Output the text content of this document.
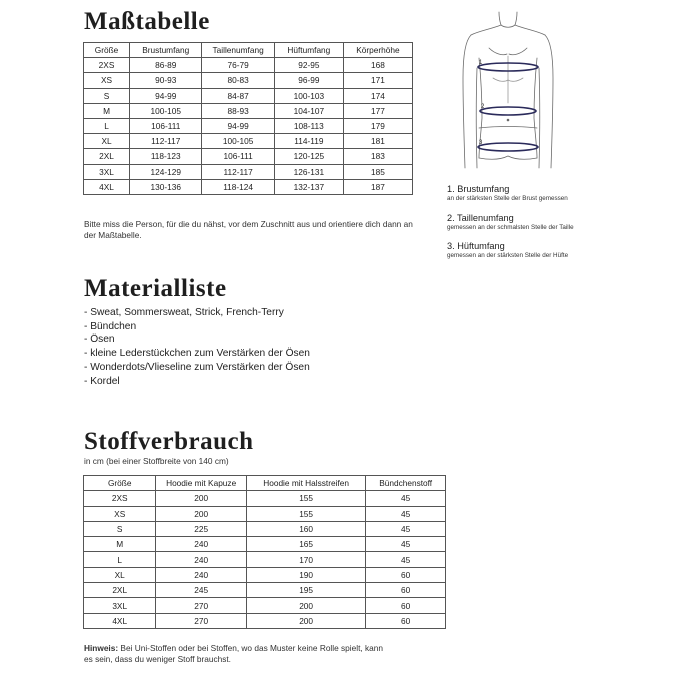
Maßtabelle
Größe	Brustumfang	Taillenumfang	Hüftumfang	Körperhöhe
2XS	86-89	76-79	92-95	168
XS	90-93	80-83	96-99	171
S	94-99	84-87	100-103	174
M	100-105	88-93	104-107	177
L	106-111	94-99	108-113	179
XL	112-117	100-105	114-119	181
2XL	118-123	106-111	120-125	183
3XL	124-129	112-117	126-131	185
4XL	130-136	118-124	132-137	187
Bitte miss die Person, für die du nähst, vor dem Zuschnitt aus und orientiere dich dann an der Maßtabelle.
1
2
3
1. Brustumfang
an der stärksten Stelle der Brust gemessen
2. Taillenumfang
gemessen an der schmalsten Stelle der Taille
3. Hüftumfang
gemessen an der stärksten Stelle der Hüfte
Materialliste
- Sweat, Sommersweat, Strick, French-Terry
- Bündchen
- Ösen
- kleine Lederstückchen zum Verstärken der Ösen
- Wonderdots/Vlieseline zum Verstärken der Ösen
- Kordel
Stoffverbrauch
in cm (bei einer Stoffbreite von 140 cm)
Größe	Hoodie mit Kapuze	Hoodie mit Halsstreifen	Bündchenstoff
2XS	200	155	45
XS	200	155	45
S	225	160	45
M	240	165	45
L	240	170	45
XL	240	190	60
2XL	245	195	60
3XL	270	200	60
4XL	270	200	60
Hinweis: Bei Uni-Stoffen oder bei Stoffen, wo das Muster keine Rolle spielt, kann es sein, dass du weniger Stoff brauchst.
